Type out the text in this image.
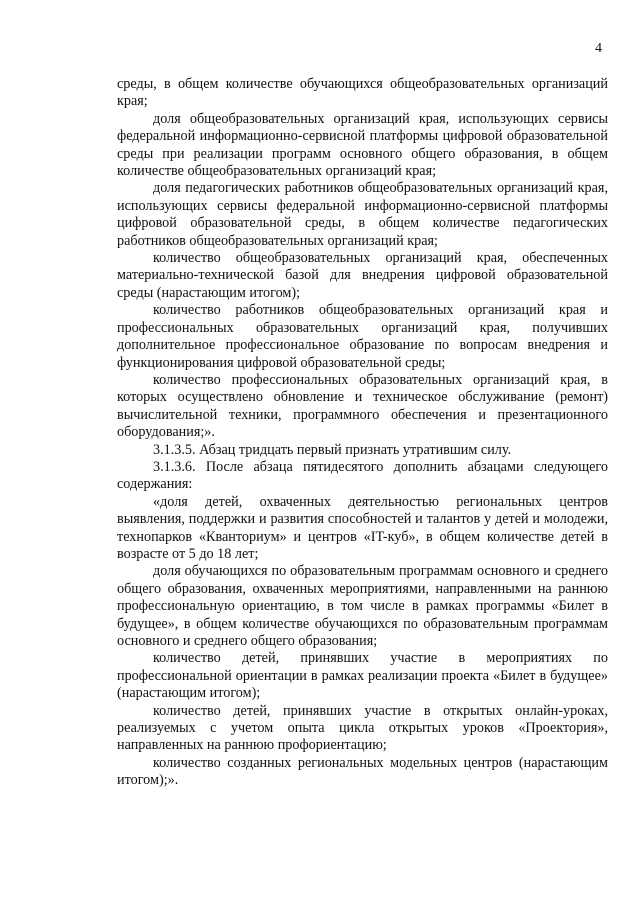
4

среды, в общем количестве обучающихся общеобразовательных организаций края;

доля общеобразовательных организаций края, использующих сервисы федеральной информационно-сервисной платформы цифровой образовательной среды при реализации программ основного общего образования, в общем количестве общеобразовательных организаций края;

доля педагогических работников общеобразовательных организаций края, использующих сервисы федеральной информационно-сервисной платформы цифровой образовательной среды, в общем количестве педагогических работников общеобразовательных организаций края;

количество общеобразовательных организаций края, обеспеченных материально-технической базой для внедрения цифровой образовательной среды (нарастающим итогом);

количество работников общеобразовательных организаций края и профессиональных образовательных организаций края, получивших дополнительное профессиональное образование по вопросам внедрения и функционирования цифровой образовательной среды;

количество профессиональных образовательных организаций края, в которых осуществлено обновление и техническое обслуживание (ремонт) вычислительной техники, программного обеспечения и презентационного оборудования;».

3.1.3.5. Абзац тридцать первый признать утратившим силу.

3.1.3.6. После абзаца пятидесятого дополнить абзацами следующего содержания:

«доля детей, охваченных деятельностью региональных центров выявления, поддержки и развития способностей и талантов у детей и молодежи, технопарков «Кванториум» и центров «IT-куб», в общем количестве детей в возрасте от 5 до 18 лет;

доля обучающихся по образовательным программам основного и среднего общего образования, охваченных мероприятиями, направленными на раннюю профессиональную ориентацию, в том числе в рамках программы «Билет в будущее», в общем количестве обучающихся по образовательным программам основного и среднего общего образования;

количество детей, принявших участие в мероприятиях по профессиональной ориентации в рамках реализации проекта «Билет в будущее» (нарастающим итогом);

количество детей, принявших участие в открытых онлайн-уроках, реализуемых с учетом опыта цикла открытых уроков «Проектория», направленных на раннюю профориентацию;

количество созданных региональных модельных центров (нарастающим итогом);».
